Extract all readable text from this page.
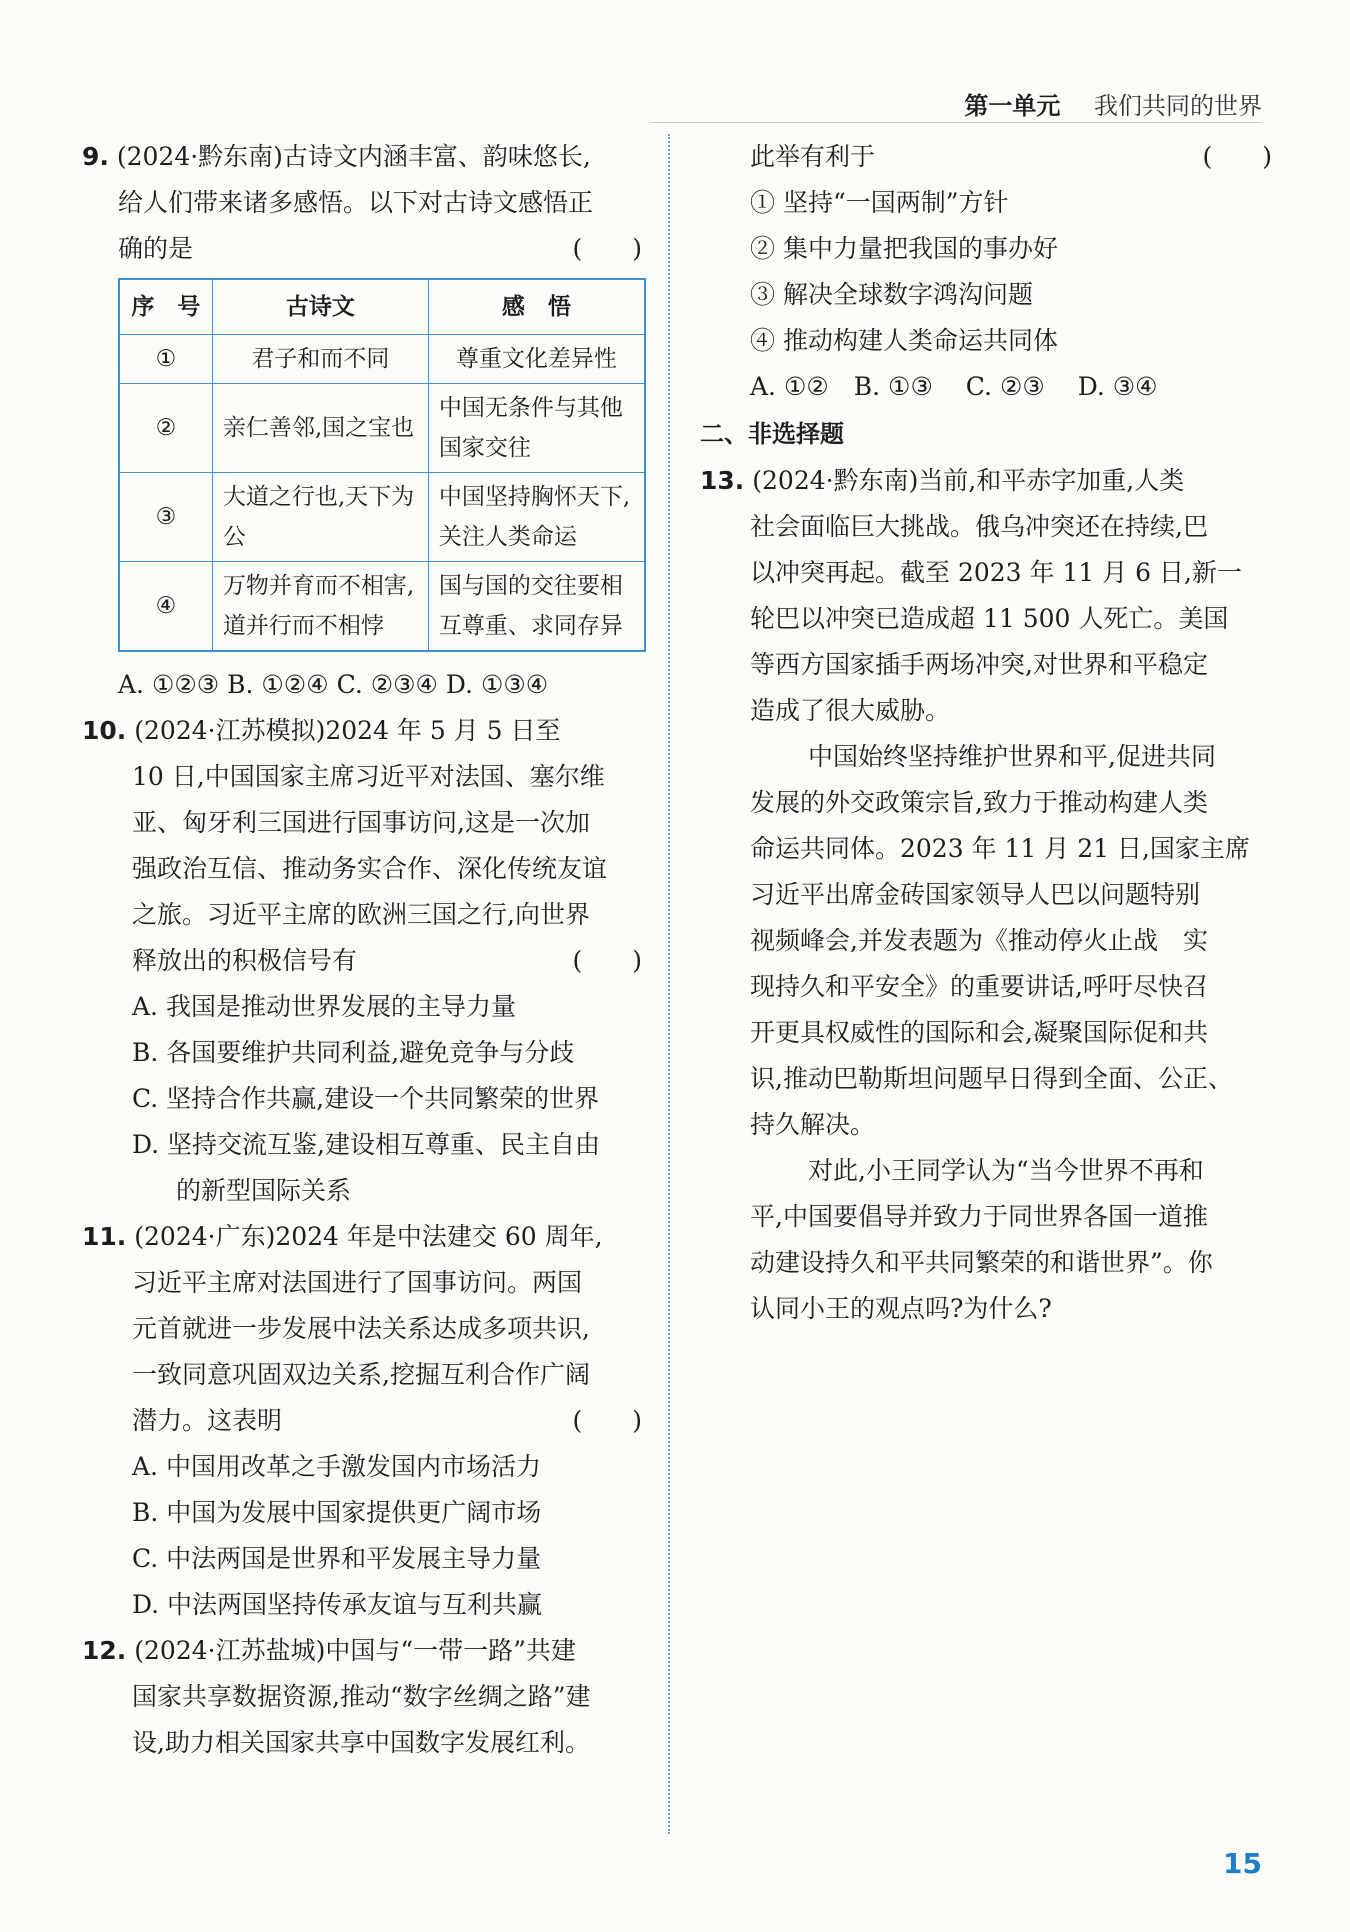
第一单元 我们共同的世界
9. (2024·黔东南)古诗文内涵丰富、韵味悠长,
给人们带来诸多感悟。以下对古诗文感悟正
确的是	(　　)
序　号	古诗文	感　悟
①	君子和而不同	尊重文化差异性
②	亲仁善邻,国之宝也	中国无条件与其他国家交往
③	大道之行也,天下为公	中国坚持胸怀天下,关注人类命运
④	万物并育而不相害,道并行而不相悖	国与国的交往要相互尊重、求同存异
A. ①②③ B. ①②④ C. ②③④ D. ①③④
10. (2024·江苏模拟)2024 年 5 月 5 日至
10 日,中国国家主席习近平对法国、塞尔维
亚、匈牙利三国进行国事访问,这是一次加
强政治互信、推动务实合作、深化传统友谊
之旅。习近平主席的欧洲三国之行,向世界
释放出的积极信号有	(　　)
A. 我国是推动世界发展的主导力量
B. 各国要维护共同利益,避免竞争与分歧
C. 坚持合作共赢,建设一个共同繁荣的世界
D. 坚持交流互鉴,建设相互尊重、民主自由
的新型国际关系
11. (2024·广东)2024 年是中法建交 60 周年,
习近平主席对法国进行了国事访问。两国
元首就进一步发展中法关系达成多项共识,
一致同意巩固双边关系,挖掘互利合作广阔
潜力。这表明	(　　)
A. 中国用改革之手激发国内市场活力
B. 中国为发展中国家提供更广阔市场
C. 中法两国是世界和平发展主导力量
D. 中法两国坚持传承友谊与互利共赢
12. (2024·江苏盐城)中国与“一带一路”共建
国家共享数据资源,推动“数字丝绸之路”建
设,助力相关国家共享中国数字发展红利。
此举有利于	(　　)
① 坚持“一国两制”方针
② 集中力量把我国的事办好
③ 解决全球数字鸿沟问题
④ 推动构建人类命运共同体
A. ①②　B. ①③　 C. ②③　 D. ③④
二、非选择题
13. (2024·黔东南)当前,和平赤字加重,人类
社会面临巨大挑战。俄乌冲突还在持续,巴
以冲突再起。截至 2023 年 11 月 6 日,新一
轮巴以冲突已造成超 11 500 人死亡。美国
等西方国家插手两场冲突,对世界和平稳定
造成了很大威胁。
中国始终坚持维护世界和平,促进共同
发展的外交政策宗旨,致力于推动构建人类
命运共同体。2023 年 11 月 21 日,国家主席
习近平出席金砖国家领导人巴以问题特别
视频峰会,并发表题为《推动停火止战　实
现持久和平安全》的重要讲话,呼吁尽快召
开更具权威性的国际和会,凝聚国际促和共
识,推动巴勒斯坦问题早日得到全面、公正、
持久解决。
对此,小王同学认为“当今世界不再和
平,中国要倡导并致力于同世界各国一道推
动建设持久和平共同繁荣的和谐世界”。你
认同小王的观点吗?为什么?
15
